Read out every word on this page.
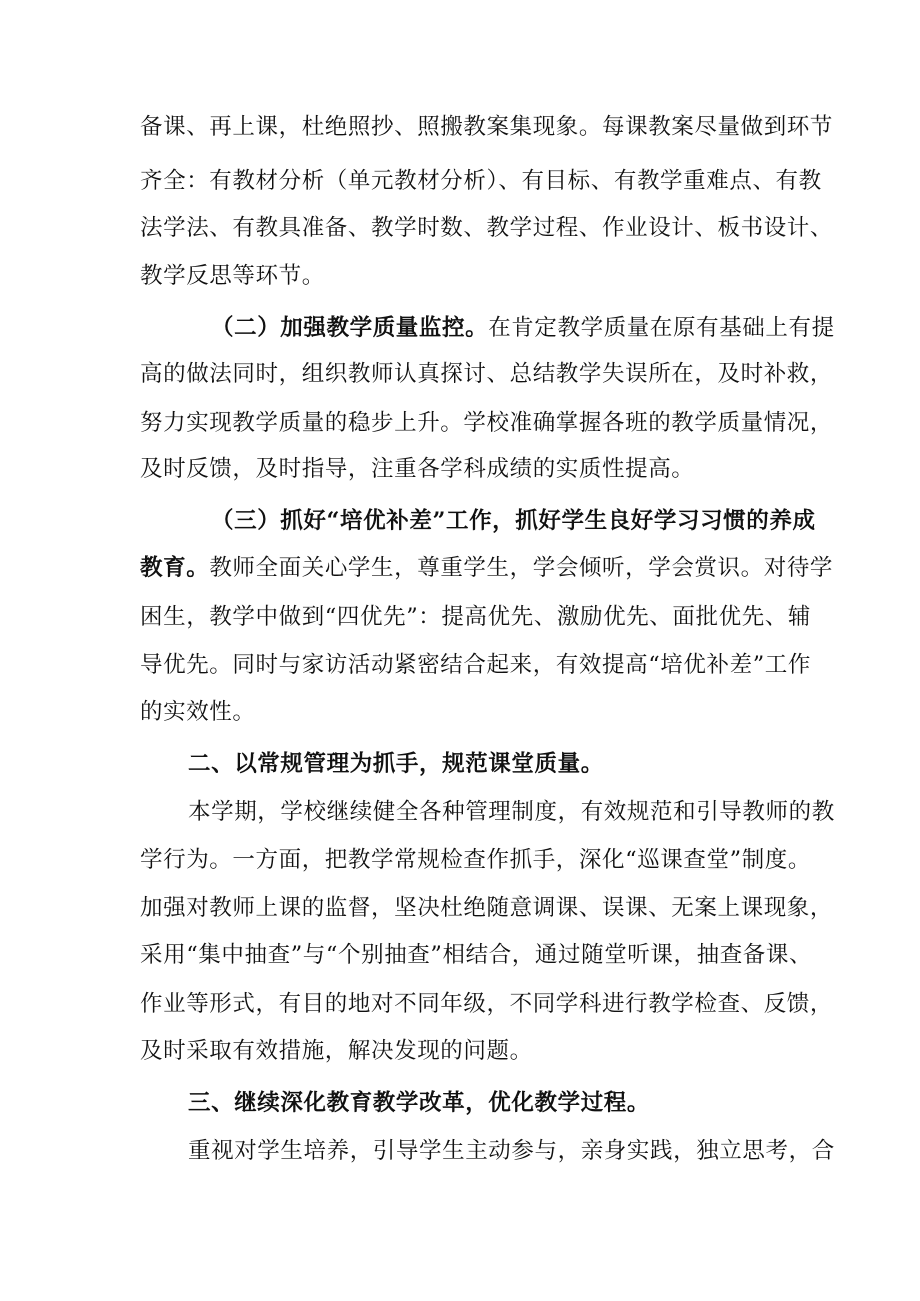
备课、再上课，杜绝照抄、照搬教案集现象。每课教案尽量做到环节
齐全：有教材分析（单元教材分析）、有目标、有教学重难点、有教
法学法、有教具准备、教学时数、教学过程、作业设计、板书设计、
教学反思等环节。
（二）加强教学质量监控。在肯定教学质量在原有基础上有提
高的做法同时，组织教师认真探讨、总结教学失误所在，及时补救，
努力实现教学质量的稳步上升。学校准确掌握各班的教学质量情况，
及时反馈，及时指导，注重各学科成绩的实质性提高。
（三）抓好“培优补差”工作，抓好学生良好学习习惯的养成
教育。教师全面关心学生，尊重学生，学会倾听，学会赏识。对待学
困生，教学中做到“四优先”：提高优先、激励优先、面批优先、辅
导优先。同时与家访活动紧密结合起来，有效提高“培优补差”工作
的实效性。
二、以常规管理为抓手，规范课堂质量。
本学期，学校继续健全各种管理制度，有效规范和引导教师的教
学行为。一方面，把教学常规检查作抓手，深化“巡课查堂”制度。
加强对教师上课的监督，坚决杜绝随意调课、误课、无案上课现象，
采用“集中抽查”与“个别抽查”相结合，通过随堂听课，抽查备课、
作业等形式，有目的地对不同年级，不同学科进行教学检查、反馈，
及时采取有效措施，解决发现的问题。
三、继续深化教育教学改革，优化教学过程。
重视对学生培养，引导学生主动参与，亲身实践，独立思考，合
